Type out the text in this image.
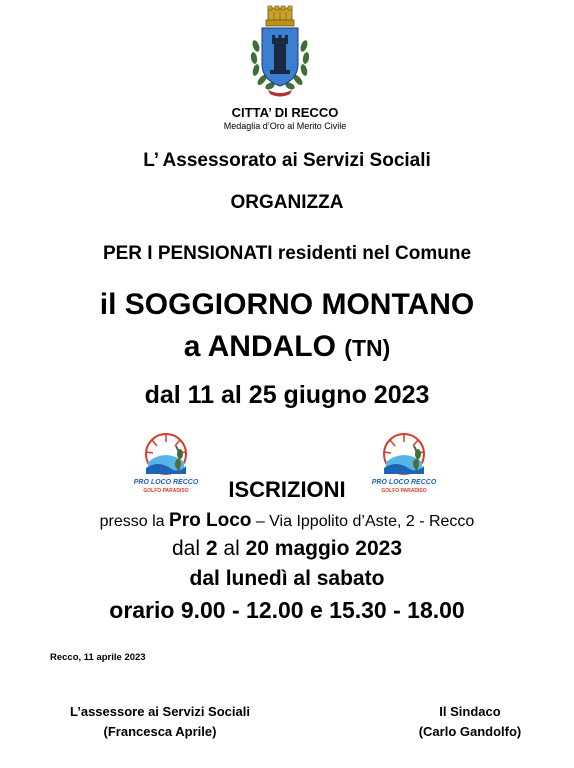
CITTA’ DI RECCO
Medaglia d’Oro al Merito Civile
L’ Assessorato ai Servizi Sociali
ORGANIZZA
PER I PENSIONATI residenti nel Comune
il SOGGIORNO MONTANO
a ANDALO (TN)
dal 11 al 25 giugno 2023
PRO LOCO RECCO
GOLFO PARADISO
PRO LOCO RECCO
GOLFO PARADISO
ISCRIZIONI
presso la Pro Loco – Via Ippolito d’Aste, 2 - Recco
dal 2 al 20 maggio 2023
dal lunedì al sabato
orario 9.00 - 12.00 e 15.30 - 18.00
Recco, 11 aprile 2023
L’assessore ai Servizi Sociali
(Francesca Aprile)
Il Sindaco
(Carlo Gandolfo)
